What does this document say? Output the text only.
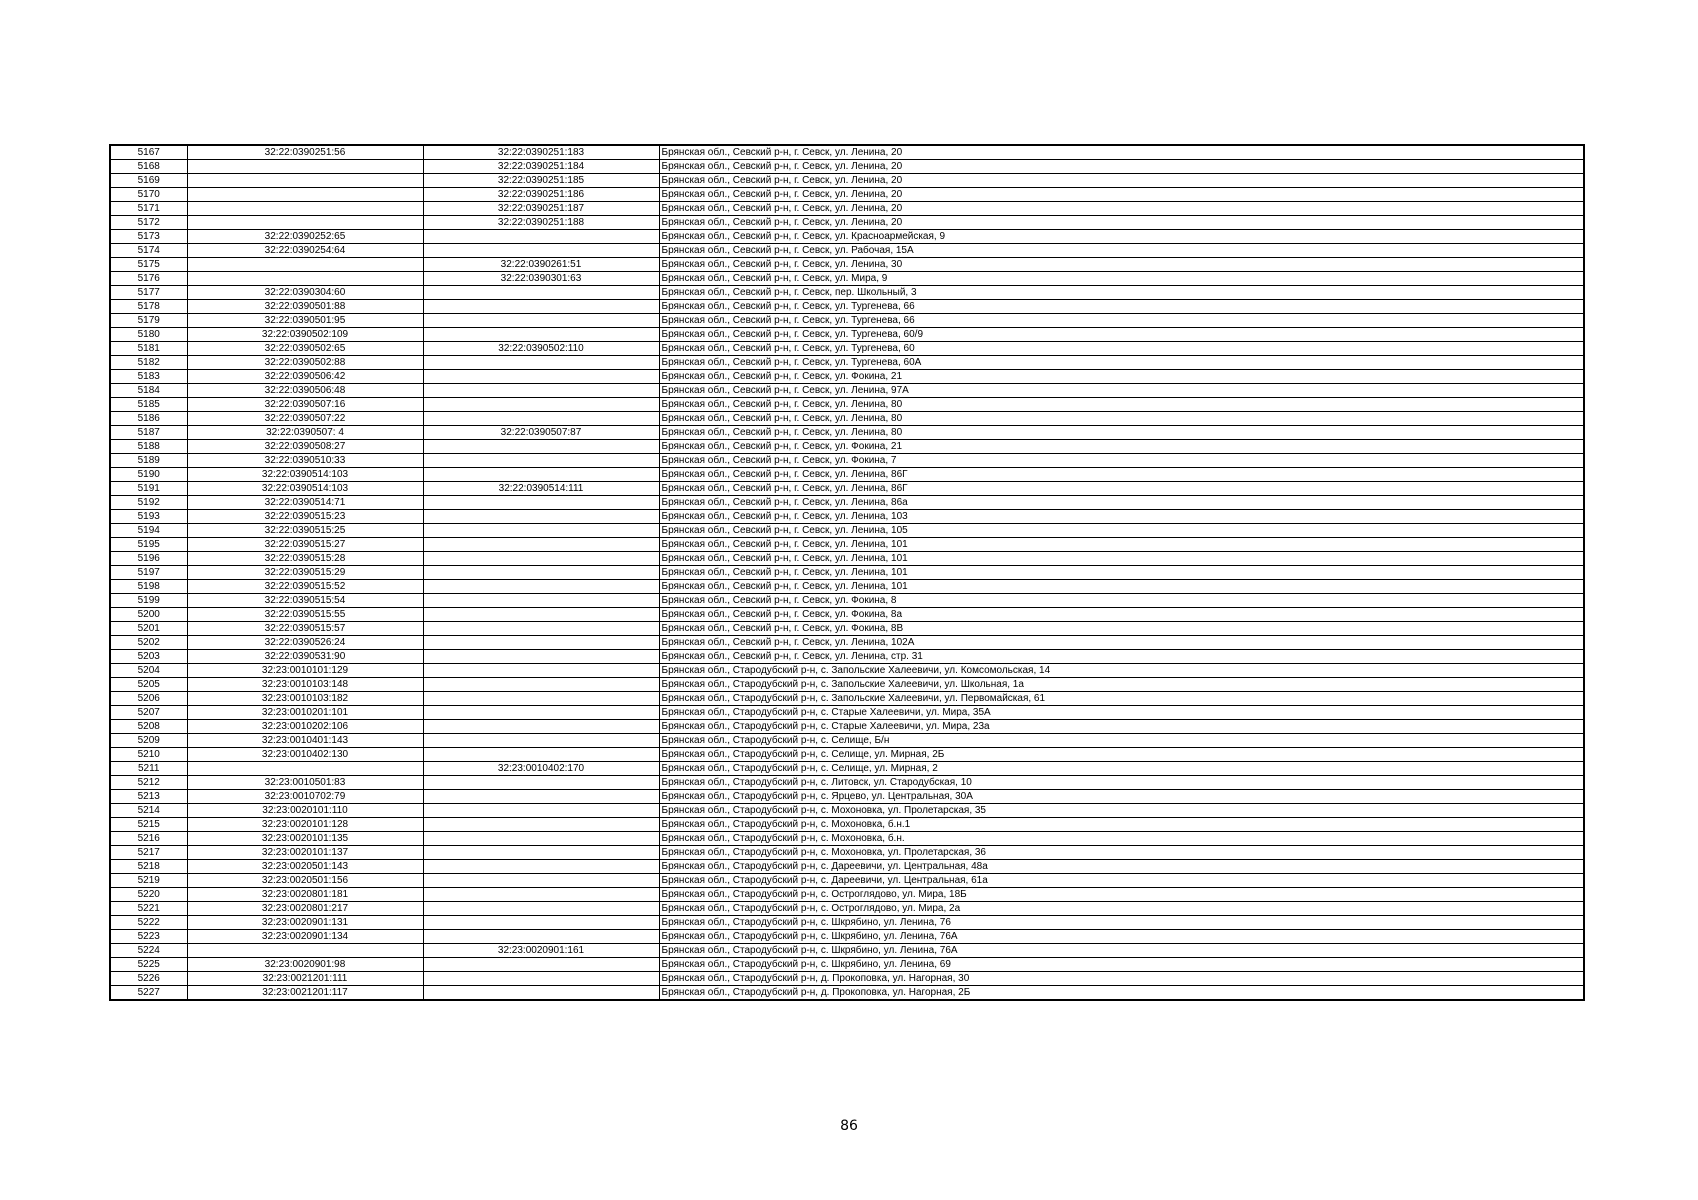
5167	32:22:0390251:56	32:22:0390251:183	Брянская обл., Севский р-н, г. Севск, ул. Ленина, 20
5168		32:22:0390251:184	Брянская обл., Севский р-н, г. Севск, ул. Ленина, 20
5169		32:22:0390251:185	Брянская обл., Севский р-н, г. Севск, ул. Ленина, 20
5170		32:22:0390251:186	Брянская обл., Севский р-н, г. Севск, ул. Ленина, 20
5171		32:22:0390251:187	Брянская обл., Севский р-н, г. Севск, ул. Ленина, 20
5172		32:22:0390251:188	Брянская обл., Севский р-н, г. Севск, ул. Ленина, 20
5173	32:22:0390252:65		Брянская обл., Севский р-н, г. Севск, ул. Красноармейская, 9
5174	32:22:0390254:64		Брянская обл., Севский р-н, г. Севск, ул. Рабочая, 15А
5175		32:22:0390261:51	Брянская обл., Севский р-н, г. Севск, ул. Ленина, 30
5176		32:22:0390301:63	Брянская обл., Севский р-н, г. Севск, ул. Мира, 9
5177	32:22:0390304:60		Брянская обл., Севский р-н, г. Севск, пер. Школьный, 3
5178	32:22:0390501:88		Брянская обл., Севский р-н, г. Севск, ул. Тургенева, 66
5179	32:22:0390501:95		Брянская обл., Севский р-н, г. Севск, ул. Тургенева, 66
5180	32:22:0390502:109		Брянская обл., Севский р-н, г. Севск, ул. Тургенева, 60/9
5181	32:22:0390502:65	32:22:0390502:110	Брянская обл., Севский р-н, г. Севск, ул. Тургенева, 60
5182	32:22:0390502:88		Брянская обл., Севский р-н, г. Севск, ул. Тургенева, 60А
5183	32:22:0390506:42		Брянская обл., Севский р-н, г. Севск, ул. Фокина, 21
5184	32:22:0390506:48		Брянская обл., Севский р-н, г. Севск, ул. Ленина, 97А
5185	32:22:0390507:16		Брянская обл., Севский р-н, г. Севск, ул. Ленина, 80
5186	32:22:0390507:22		Брянская обл., Севский р-н, г. Севск, ул. Ленина, 80
5187	32:22:0390507: 4	32:22:0390507:87	Брянская обл., Севский р-н, г. Севск, ул. Ленина, 80
5188	32:22:0390508:27		Брянская обл., Севский р-н, г. Севск, ул. Фокина, 21
5189	32:22:0390510:33		Брянская обл., Севский р-н, г. Севск, ул. Фокина, 7
5190	32:22:0390514:103		Брянская обл., Севский р-н, г. Севск, ул. Ленина, 86Г
5191	32:22:0390514:103	32:22:0390514:111	Брянская обл., Севский р-н, г. Севск, ул. Ленина, 86Г
5192	32:22:0390514:71		Брянская обл., Севский р-н, г. Севск, ул. Ленина, 86а
5193	32:22:0390515:23		Брянская обл., Севский р-н, г. Севск, ул. Ленина, 103
5194	32:22:0390515:25		Брянская обл., Севский р-н, г. Севск, ул. Ленина, 105
5195	32:22:0390515:27		Брянская обл., Севский р-н, г. Севск, ул. Ленина, 101
5196	32:22:0390515:28		Брянская обл., Севский р-н, г. Севск, ул. Ленина, 101
5197	32:22:0390515:29		Брянская обл., Севский р-н, г. Севск, ул. Ленина, 101
5198	32:22:0390515:52		Брянская обл., Севский р-н, г. Севск, ул. Ленина, 101
5199	32:22:0390515:54		Брянская обл., Севский р-н, г. Севск, ул. Фокина, 8
5200	32:22:0390515:55		Брянская обл., Севский р-н, г. Севск, ул. Фокина, 8а
5201	32:22:0390515:57		Брянская обл., Севский р-н, г. Севск, ул. Фокина, 8В
5202	32:22:0390526:24		Брянская обл., Севский р-н, г. Севск, ул. Ленина, 102А
5203	32:22:0390531:90		Брянская обл., Севский р-н, г. Севск, ул. Ленина, стр. 31
5204	32:23:0010101:129		Брянская обл., Стародубский р-н, с. Запольские Халеевичи, ул. Комсомольская, 14
5205	32:23:0010103:148		Брянская обл., Стародубский р-н, с. Запольские Халеевичи, ул. Школьная, 1а
5206	32:23:0010103:182		Брянская обл., Стародубский р-н, с. Запольские Халеевичи, ул. Первомайская, 61
5207	32:23:0010201:101		Брянская обл., Стародубский р-н, с. Старые Халеевичи, ул. Мира, 35А
5208	32:23:0010202:106		Брянская обл., Стародубский р-н, с. Старые Халеевичи, ул. Мира, 23а
5209	32:23:0010401:143		Брянская обл., Стародубский р-н, с. Селище, Б/н
5210	32:23:0010402:130		Брянская обл., Стародубский р-н, с. Селище, ул. Мирная, 2Б
5211		32:23:0010402:170	Брянская обл., Стародубский р-н, с. Селище, ул. Мирная, 2
5212	32:23:0010501:83		Брянская обл., Стародубский р-н, с. Литовск, ул. Стародубская, 10
5213	32:23:0010702:79		Брянская обл., Стародубский р-н, с. Ярцево, ул. Центральная, 30А
5214	32:23:0020101:110		Брянская обл., Стародубский р-н, с. Мохоновка, ул. Пролетарская, 35
5215	32:23:0020101:128		Брянская обл., Стародубский р-н, с. Мохоновка, б.н.1
5216	32:23:0020101:135		Брянская обл., Стародубский р-н, с. Мохоновка, б.н.
5217	32:23:0020101:137		Брянская обл., Стародубский р-н, с. Мохоновка, ул. Пролетарская, 36
5218	32:23:0020501:143		Брянская обл., Стародубский р-н, с. Дареевичи, ул. Центральная, 48а
5219	32:23:0020501:156		Брянская обл., Стародубский р-н, с. Дареевичи, ул. Центральная, 61а
5220	32:23:0020801:181		Брянская обл., Стародубский р-н, с. Остроглядово, ул. Мира, 18Б
5221	32:23:0020801:217		Брянская обл., Стародубский р-н, с. Остроглядово, ул. Мира, 2а
5222	32:23:0020901:131		Брянская обл., Стародубский р-н, с. Шкрябино, ул. Ленина, 76
5223	32:23:0020901:134		Брянская обл., Стародубский р-н, с. Шкрябино, ул. Ленина, 76А
5224		32:23:0020901:161	Брянская обл., Стародубский р-н, с. Шкрябино, ул. Ленина, 76А
5225	32:23:0020901:98		Брянская обл., Стародубский р-н, с. Шкрябино, ул. Ленина, 69
5226	32:23:0021201:111		Брянская обл., Стародубский р-н, д. Прокоповка, ул. Нагорная, 30
5227	32:23:0021201:117		Брянская обл., Стародубский р-н, д. Прокоповка, ул. Нагорная, 2Б
86
